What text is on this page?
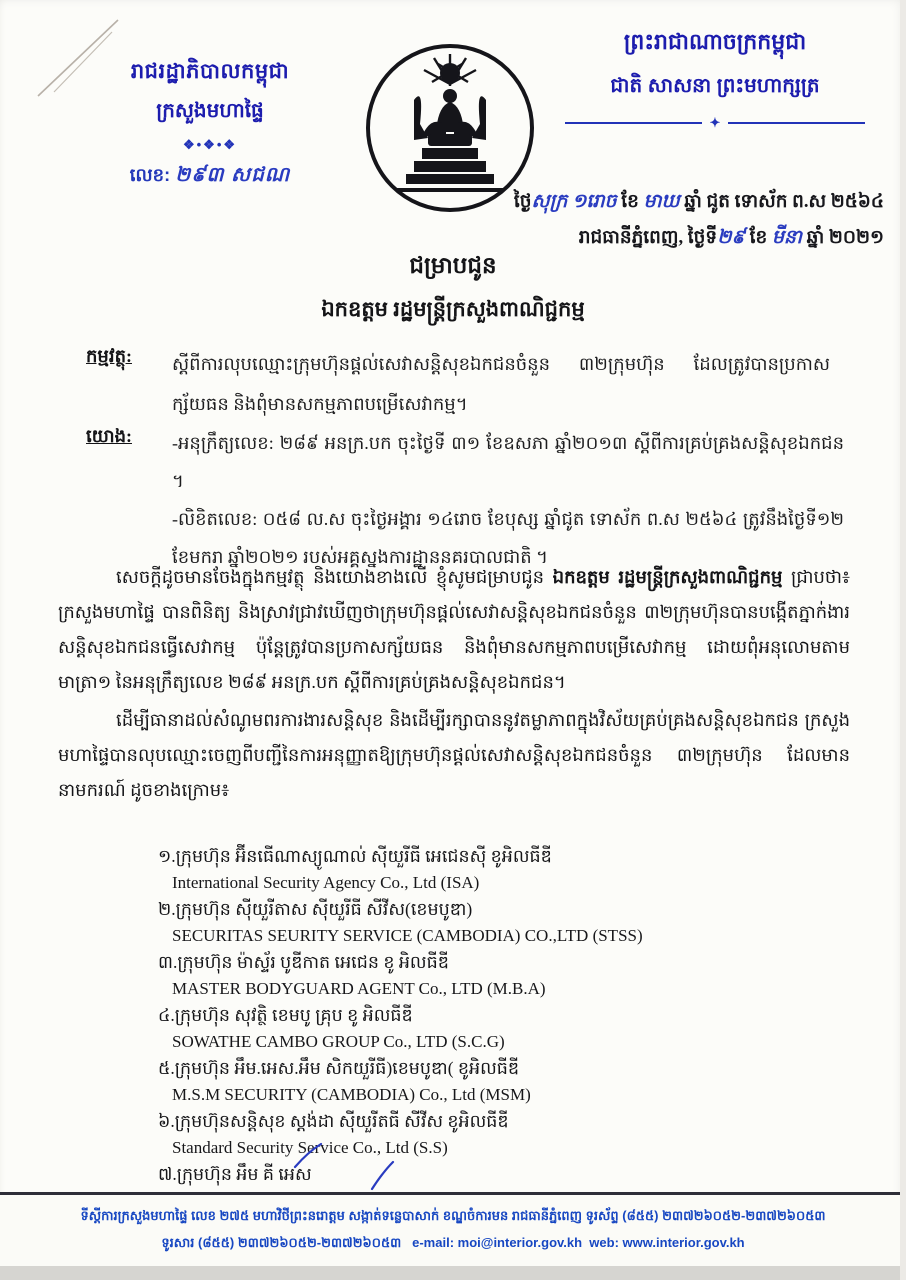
រាជរដ្ឋាភិបាលកម្ពុជា
ក្រសួងមហាផ្ទៃ
❖•❖•❖
លេខ: ២៩៣ សជណ
ព្រះរាជាណាចក្រកម្ពុជា
ជាតិ សាសនា ព្រះមហាក្សត្រ
✦
ថ្ងៃសុក្រ ១រោច ខែ មាឃ ឆ្នាំ ជូត ទោស័ក ព.ស ២៥៦៤
រាជធានីភ្នំពេញ, ថ្ងៃទី២៩ ខែ មីនា ឆ្នាំ ២០២១
ជម្រាបជូន
ឯកឧត្តម រដ្ឋមន្ត្រីក្រសួងពាណិជ្ជកម្ម
កម្មវត្ថុ:	ស្តីពីការលុបឈ្មោះក្រុមហ៊ុនផ្តល់សេវាសន្តិសុខឯកជនចំនួន ៣២ក្រុមហ៊ុន ដែលត្រូវបានប្រកាសក្ស័យធន និងពុំមានសកម្មភាពបម្រើសេវាកម្ម។
យោង:	-អនុក្រឹត្យលេខ: ២៨៩ អនក្រ.បក ចុះថ្ងៃទី ៣១ ខែឧសភា ឆ្នាំ២០១៣ ស្តីពីការគ្រប់គ្រងសន្តិសុខឯកជន ។
-លិខិតលេខ: ០៥៨ ល.ស ចុះថ្ងៃអង្គារ ១៤រោច ខែបុស្ស ឆ្នាំជូត ទោស័ក ព.ស ២៥៦៤ ត្រូវនឹងថ្ងៃទី១២ ខែមករា ឆ្នាំ២០២១ របស់អគ្គស្នងការដ្ឋាននគរបាលជាតិ ។

សេចក្តីដូចមានចែងក្នុងកម្មវត្ថុ និងយោងខាងលើ ខ្ញុំសូមជម្រាបជូន ឯកឧត្តម រដ្ឋមន្ត្រីក្រសួងពាណិជ្ជកម្ម ជ្រាបថា៖ ក្រសួងមហាផ្ទៃ បានពិនិត្យ និងស្រាវជ្រាវឃើញថាក្រុមហ៊ុនផ្តល់សេវាសន្តិសុខឯកជនចំនួន ៣២ក្រុមហ៊ុនបានបង្កើតភ្នាក់ងារសន្តិសុខឯកជនធ្វើសេវាកម្ម ប៉ុន្តែត្រូវបានប្រកាសក្ស័យធន និងពុំមានសកម្មភាពបម្រើសេវាកម្ម ដោយពុំអនុលោមតាមមាត្រា១ នៃអនុក្រឹត្យលេខ ២៨៩ អនក្រ.បក ស្តីពីការគ្រប់គ្រងសន្តិសុខឯកជន។

ដើម្បីធានាដល់សំណូមពរការងារសន្តិសុខ និងដើម្បីរក្សាបាននូវតម្លាភាពក្នុងវិស័យគ្រប់គ្រងសន្តិសុខឯកជន ក្រសួងមហាផ្ទៃបានលុបឈ្មោះចេញពីបញ្ជីនៃការអនុញ្ញាតឱ្យក្រុមហ៊ុនផ្តល់សេវាសន្តិសុខឯកជនចំនួន ៣២ក្រុមហ៊ុន ដែលមាននាមករណ៍ ដូចខាងក្រោម៖

១.ក្រុមហ៊ុន អ៊ីនធើណាស្យូណាល់ ស៊ីយួរីធី អេជេនស៊ី ខូអិលធីឌី
International Security Agency Co., Ltd (ISA)
២.ក្រុមហ៊ុន ស៊ីយួរីតាស ស៊ីយួរីធី សីវីស(ខេមបូឌា)
SECURITAS SEURITY SERVICE (CAMBODIA) CO.,LTD (STSS)
៣.ក្រុមហ៊ុន ម៉ាស្ទ័រ បូឌីកាត អេជេន ខូ អិលធីឌី
MASTER BODYGUARD AGENT Co., LTD (M.B.A)
៤.ក្រុមហ៊ុន សុវត្ថិ ខេមបូ គ្រុប ខូ អិលធីឌី
SOWATHE CAMBO GROUP Co., LTD (S.C.G)
៥.ក្រុមហ៊ុន អឹម.អេស.អឹម សិកយួរីធី)ខេមបូឌា( ខូអិលធីឌី
M.S.M SECURITY (CAMBODIA) Co., Ltd (MSM)
៦.ក្រុមហ៊ុនសន្តិសុខ ស្តង់ដា ស៊ីយួរីតធី សីវីស ខូអិលធីឌី
Standard Security Service Co., Ltd (S.S)
៧.ក្រុមហ៊ុន អឹម គី អេស
ទីស្តីការក្រសួងមហាផ្ទៃ លេខ ២៧៥ មហាវិថីព្រះនរោត្តម សង្កាត់ទន្លេបាសាក់ ខណ្ឌចំការមន រាជធានីភ្នំពេញ ទូរស័ព្ទ (៨៥៥) ២៣៧២៦០៥២-២៣៧២៦០៥៣
ទូរសារ (៨៥៥) ២៣៧២៦០៥២-២៣៧២៦០៥៣ e-mail: moi@interior.gov.kh web: www.interior.gov.kh
